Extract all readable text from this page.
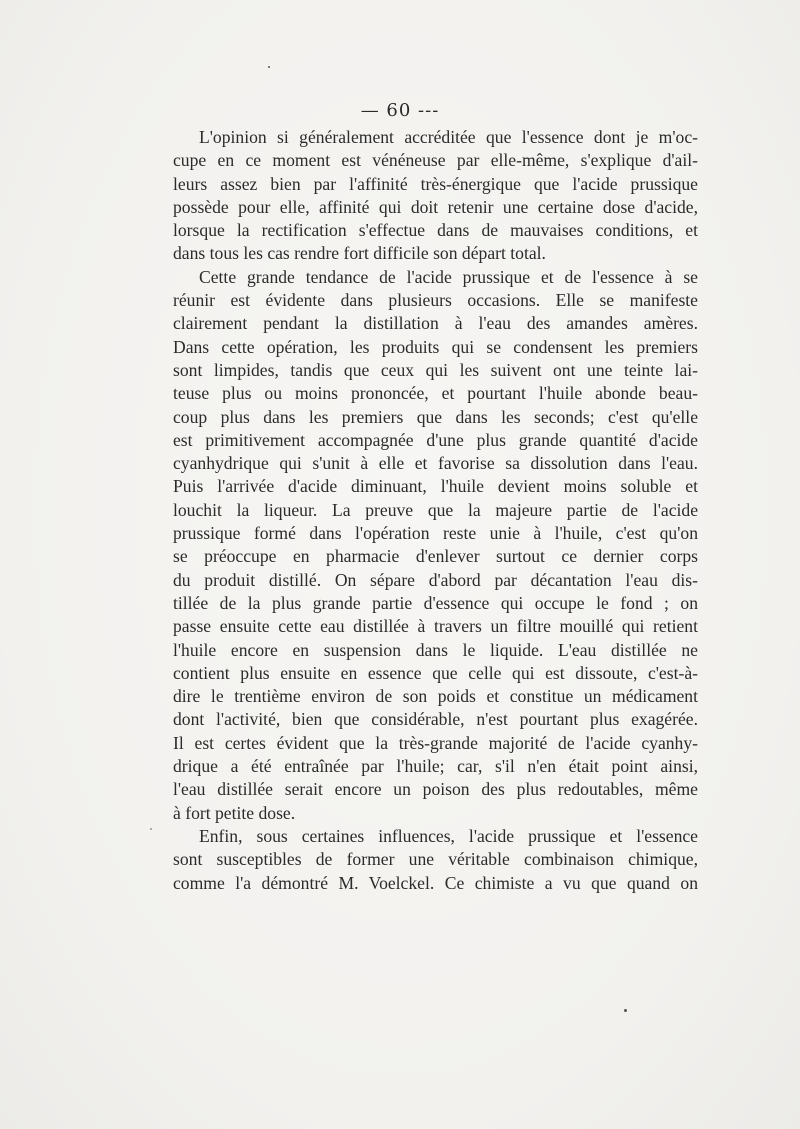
— 60 ---

L'opinion si généralement accréditée que l'essence dont je m'oc-
cupe en ce moment est vénéneuse par elle-même, s'explique d'ail-
leurs assez bien par l'affinité très-énergique que l'acide prussique
possède pour elle, affinité qui doit retenir une certaine dose d'acide,
lorsque la rectification s'effectue dans de mauvaises conditions, et
dans tous les cas rendre fort difficile son départ total.

Cette grande tendance de l'acide prussique et de l'essence à se
réunir est évidente dans plusieurs occasions. Elle se manifeste
clairement pendant la distillation à l'eau des amandes amères.
Dans cette opération, les produits qui se condensent les premiers
sont limpides, tandis que ceux qui les suivent ont une teinte lai-
teuse plus ou moins prononcée, et pourtant l'huile abonde beau-
coup plus dans les premiers que dans les seconds; c'est qu'elle
est primitivement accompagnée d'une plus grande quantité d'acide
cyanhydrique qui s'unit à elle et favorise sa dissolution dans l'eau.
Puis l'arrivée d'acide diminuant, l'huile devient moins soluble et
louchit la liqueur. La preuve que la majeure partie de l'acide
prussique formé dans l'opération reste unie à l'huile, c'est qu'on
se préoccupe en pharmacie d'enlever surtout ce dernier corps
du produit distillé. On sépare d'abord par décantation l'eau dis-
tillée de la plus grande partie d'essence qui occupe le fond ; on
passe ensuite cette eau distillée à travers un filtre mouillé qui retient
l'huile encore en suspension dans le liquide. L'eau distillée ne
contient plus ensuite en essence que celle qui est dissoute, c'est-à-
dire le trentième environ de son poids et constitue un médicament
dont l'activité, bien que considérable, n'est pourtant plus exagérée.
Il est certes évident que la très-grande majorité de l'acide cyanhy-
drique a été entraînée par l'huile; car, s'il n'en était point ainsi,
l'eau distillée serait encore un poison des plus redoutables, même
à fort petite dose.

Enfin, sous certaines influences, l'acide prussique et l'essence
sont susceptibles de former une véritable combinaison chimique,
comme l'a démontré M. Voelckel. Ce chimiste a vu que quand on
